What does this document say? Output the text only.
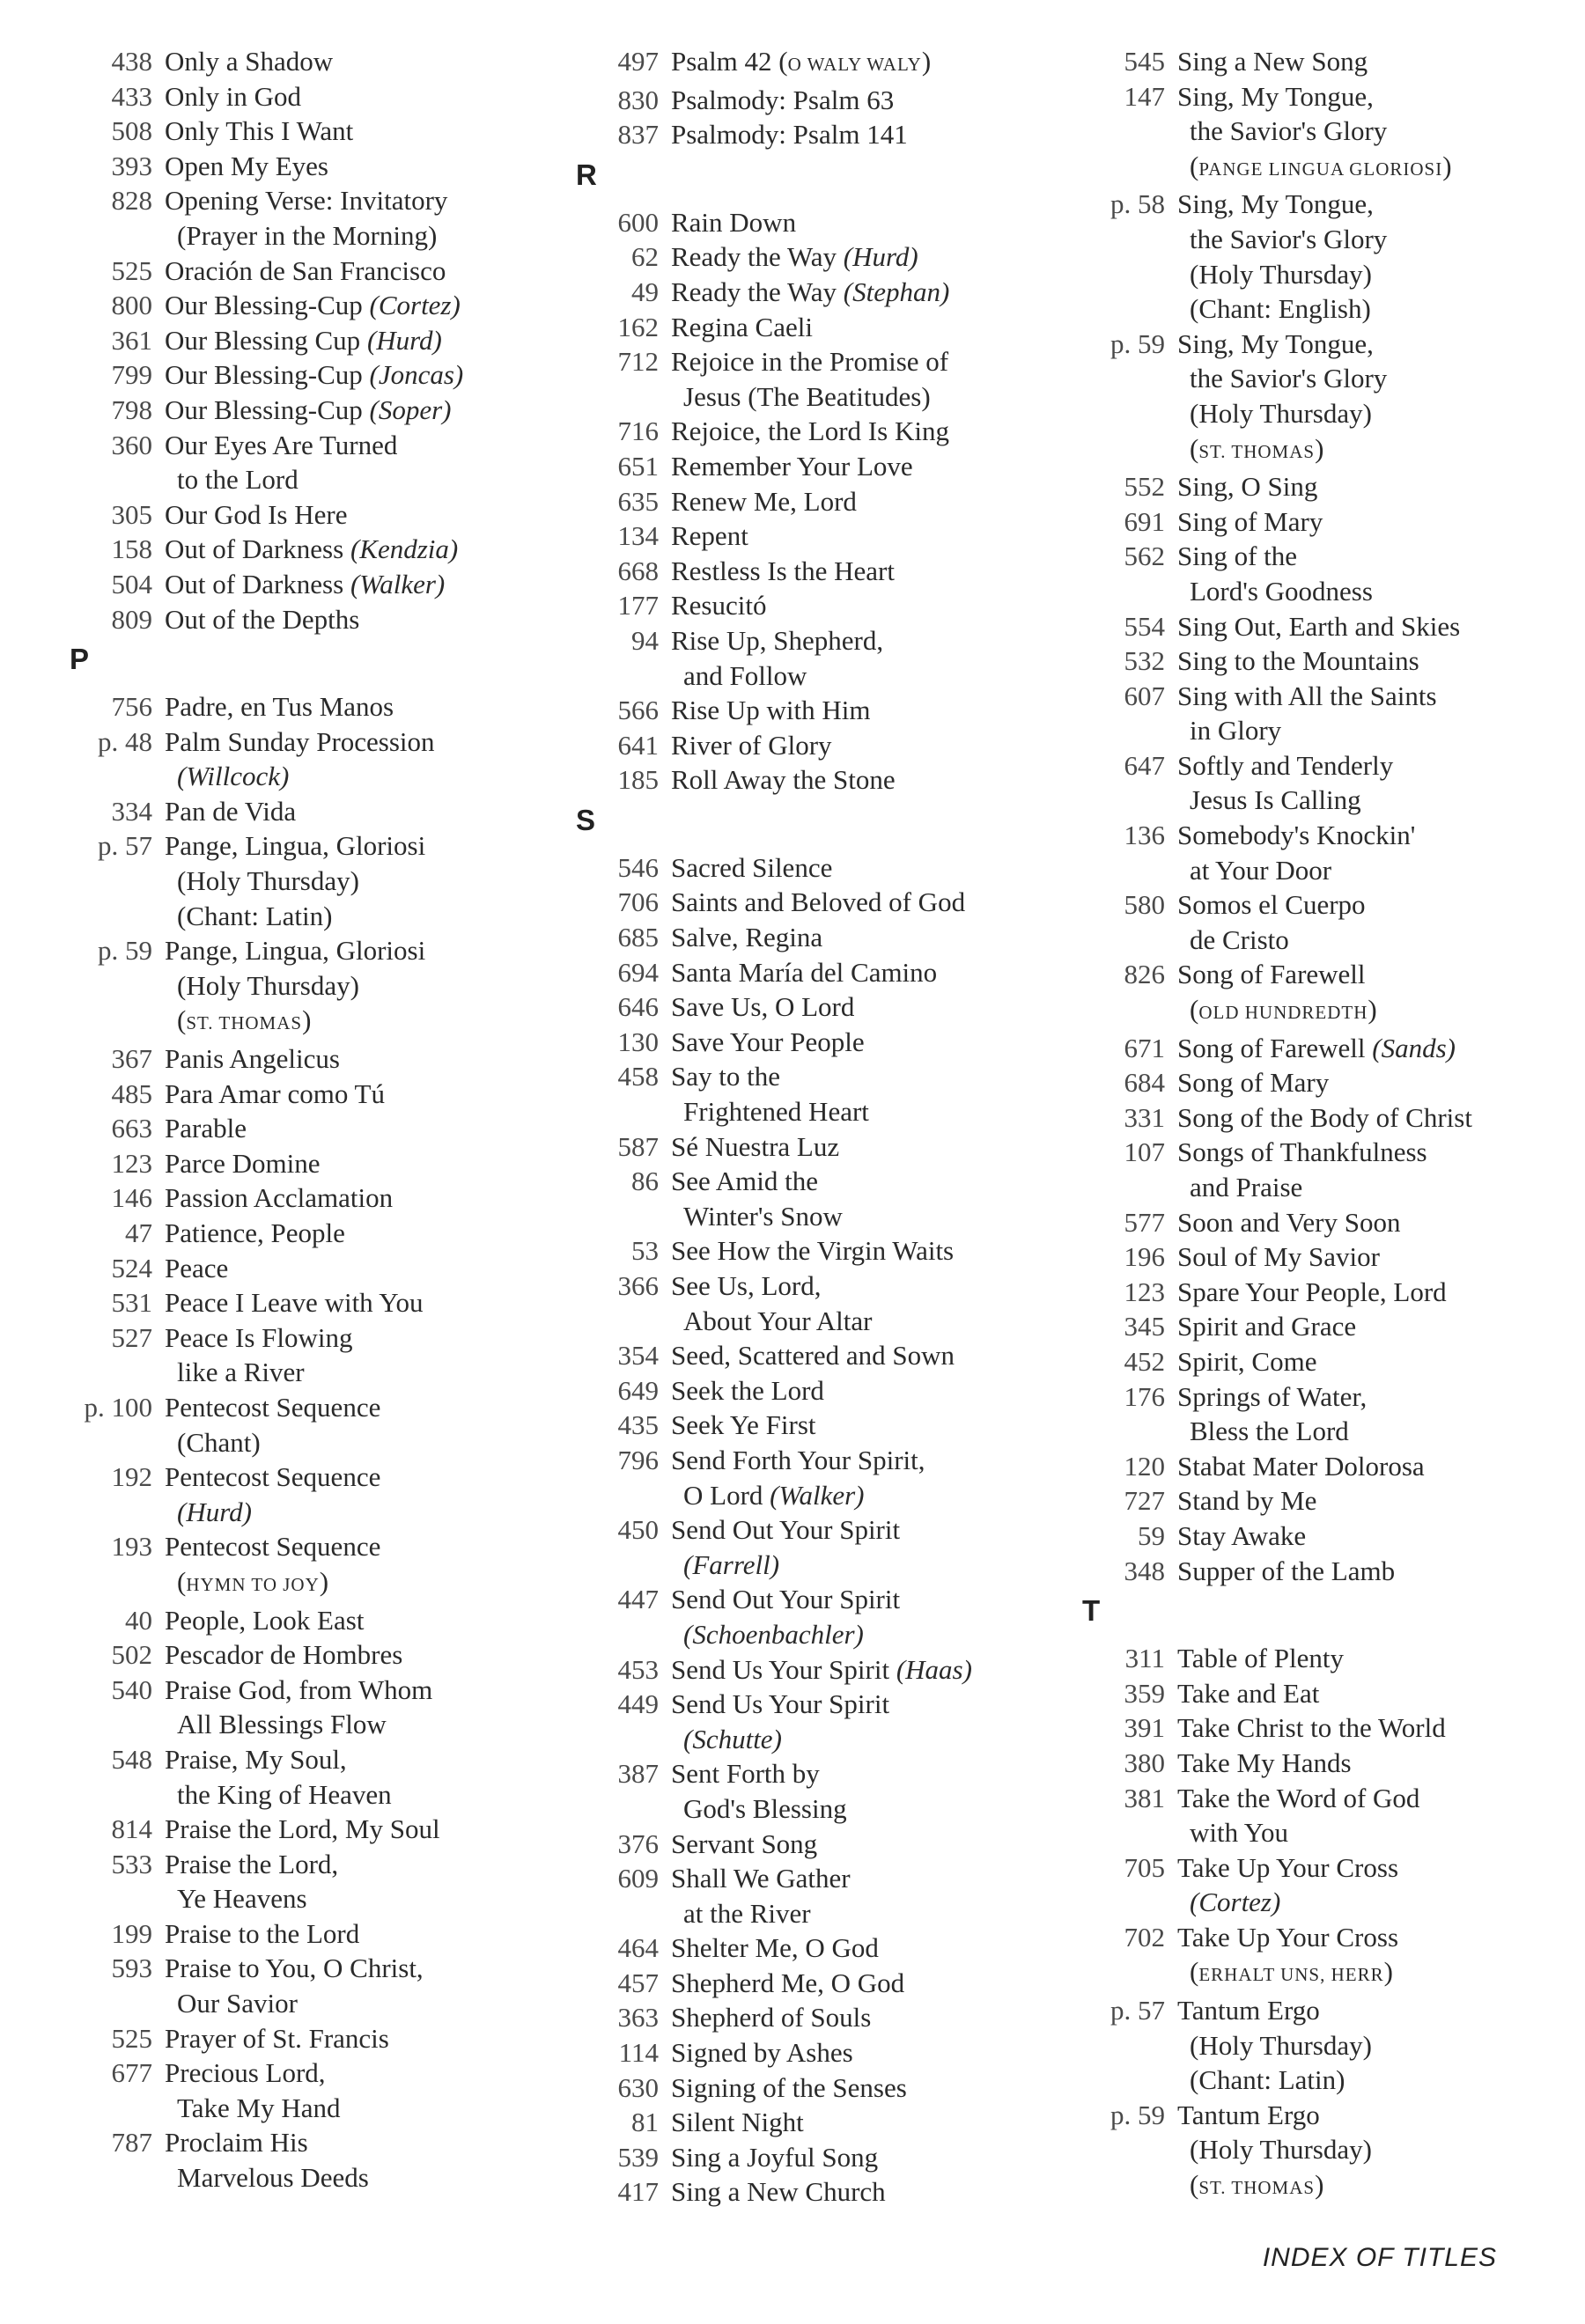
438 Only a Shadow
433 Only in God
508 Only This I Want
393 Open My Eyes
828 Opening Verse: Invitatory
(Prayer in the Morning)
525 Oración de San Francisco
800 Our Blessing-Cup (Cortez)
361 Our Blessing Cup (Hurd)
799 Our Blessing-Cup (Joncas)
798 Our Blessing-Cup (Soper)
360 Our Eyes Are Turned
to the Lord
305 Our God Is Here
158 Out of Darkness (Kendzia)
504 Out of Darkness (Walker)
809 Out of the Depths
P
756 Padre, en Tus Manos
p. 48 Palm Sunday Procession
(Willcock)
334 Pan de Vida
p. 57 Pange, Lingua, Gloriosi
(Holy Thursday)
(Chant: Latin)
p. 59 Pange, Lingua, Gloriosi
(Holy Thursday)
(ST. THOMAS)
367 Panis Angelicus
485 Para Amar como Tú
663 Parable
123 Parce Domine
146 Passion Acclamation
47 Patience, People
524 Peace
531 Peace I Leave with You
527 Peace Is Flowing
like a River
p. 100 Pentecost Sequence
(Chant)
192 Pentecost Sequence
(Hurd)
193 Pentecost Sequence
(HYMN TO JOY)
40 People, Look East
502 Pescador de Hombres
540 Praise God, from Whom
All Blessings Flow
548 Praise, My Soul,
the King of Heaven
814 Praise the Lord, My Soul
533 Praise the Lord,
Ye Heavens
199 Praise to the Lord
593 Praise to You, O Christ,
Our Savior
525 Prayer of St. Francis
677 Precious Lord,
Take My Hand
787 Proclaim His
Marvelous Deeds
497 Psalm 42 (O WALY WALY)
830 Psalmody: Psalm 63
837 Psalmody: Psalm 141
R
600 Rain Down
62 Ready the Way (Hurd)
49 Ready the Way (Stephan)
162 Regina Caeli
712 Rejoice in the Promise of
Jesus (The Beatitudes)
716 Rejoice, the Lord Is King
651 Remember Your Love
635 Renew Me, Lord
134 Repent
668 Restless Is the Heart
177 Resucitó
94 Rise Up, Shepherd,
and Follow
566 Rise Up with Him
641 River of Glory
185 Roll Away the Stone
S
546 Sacred Silence
706 Saints and Beloved of God
685 Salve, Regina
694 Santa María del Camino
646 Save Us, O Lord
130 Save Your People
458 Say to the
Frightened Heart
587 Sé Nuestra Luz
86 See Amid the
Winter's Snow
53 See How the Virgin Waits
366 See Us, Lord,
About Your Altar
354 Seed, Scattered and Sown
649 Seek the Lord
435 Seek Ye First
796 Send Forth Your Spirit,
O Lord (Walker)
450 Send Out Your Spirit
(Farrell)
447 Send Out Your Spirit
(Schoenbachler)
453 Send Us Your Spirit (Haas)
449 Send Us Your Spirit
(Schutte)
387 Sent Forth by
God's Blessing
376 Servant Song
609 Shall We Gather
at the River
464 Shelter Me, O God
457 Shepherd Me, O God
363 Shepherd of Souls
114 Signed by Ashes
630 Signing of the Senses
81 Silent Night
539 Sing a Joyful Song
417 Sing a New Church
545 Sing a New Song
147 Sing, My Tongue,
the Savior's Glory
(PANGE LINGUA GLORIOSI)
p. 58 Sing, My Tongue,
the Savior's Glory
(Holy Thursday)
(Chant: English)
p. 59 Sing, My Tongue,
the Savior's Glory
(Holy Thursday)
(ST. THOMAS)
552 Sing, O Sing
691 Sing of Mary
562 Sing of the
Lord's Goodness
554 Sing Out, Earth and Skies
532 Sing to the Mountains
607 Sing with All the Saints
in Glory
647 Softly and Tenderly
Jesus Is Calling
136 Somebody's Knockin'
at Your Door
580 Somos el Cuerpo
de Cristo
826 Song of Farewell
(OLD HUNDREDTH)
671 Song of Farewell (Sands)
684 Song of Mary
331 Song of the Body of Christ
107 Songs of Thankfulness
and Praise
577 Soon and Very Soon
196 Soul of My Savior
123 Spare Your People, Lord
345 Spirit and Grace
452 Spirit, Come
176 Springs of Water,
Bless the Lord
120 Stabat Mater Dolorosa
727 Stand by Me
59 Stay Awake
348 Supper of the Lamb
T
311 Table of Plenty
359 Take and Eat
391 Take Christ to the World
380 Take My Hands
381 Take the Word of God
with You
705 Take Up Your Cross
(Cortez)
702 Take Up Your Cross
(ERHALT UNS, HERR)
p. 57 Tantum Ergo
(Holy Thursday)
(Chant: Latin)
p. 59 Tantum Ergo
(Holy Thursday)
(ST. THOMAS)
INDEX OF TITLES
